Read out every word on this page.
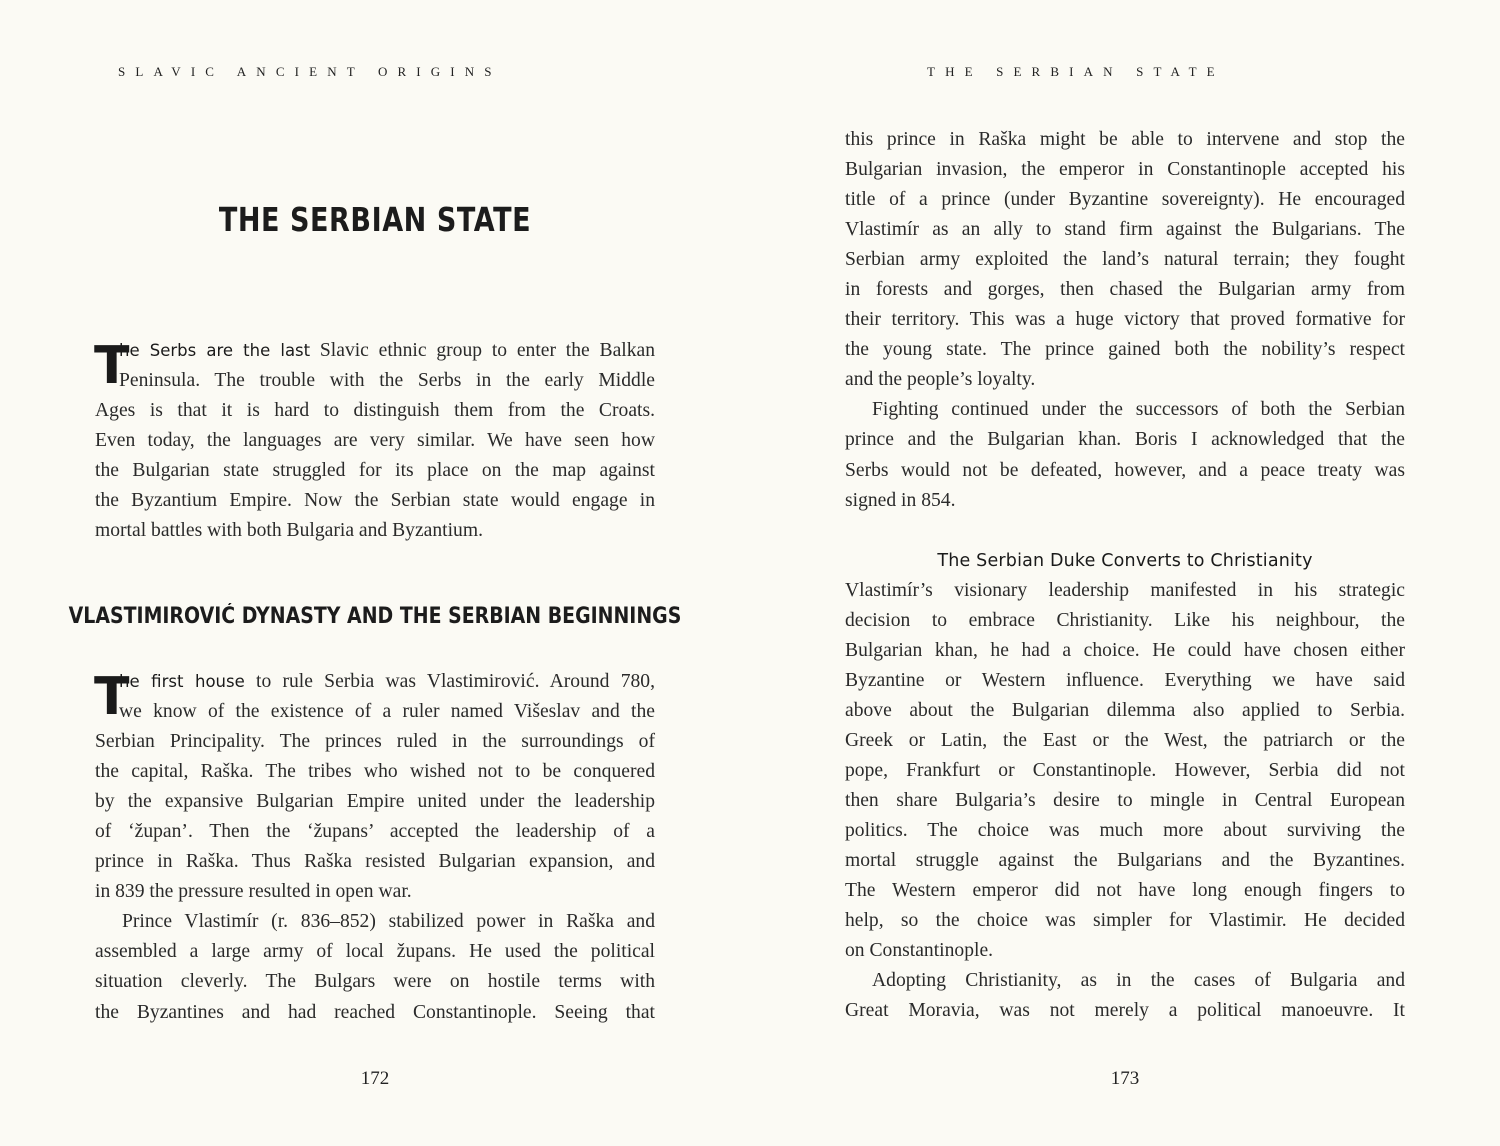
SLAVIC ANCIENT ORIGINS
THE SERBIAN STATE
T
he Serbs are the last Slavic ethnic group to enter the Balkan
Peninsula. The trouble with the Serbs in the early Middle
Ages is that it is hard to distinguish them from the Croats.
Even today, the languages are very similar. We have seen how
the Bulgarian state struggled for its place on the map against
the Byzantium Empire. Now the Serbian state would engage in
mortal battles with both Bulgaria and Byzantium.
VLASTIMIROVIĆ DYNASTY AND THE SERBIAN BEGINNINGS
T
he first house to rule Serbia was Vlastimirović. Around 780,
we know of the existence of a ruler named Višeslav and the
Serbian Principality. The princes ruled in the surroundings of
the capital, Raška. The tribes who wished not to be conquered
by the expansive Bulgarian Empire united under the leadership
of ‘župan’. Then the ‘župans’ accepted the leadership of a
prince in Raška. Thus Raška resisted Bulgarian expansion, and
in 839 the pressure resulted in open war.
Prince Vlastimír (r. 836–852) stabilized power in Raška and
assembled a large army of local župans. He used the political
situation cleverly. The Bulgars were on hostile terms with
the Byzantines and had reached Constantinople. Seeing that
172
THE SERBIAN STATE
this prince in Raška might be able to intervene and stop the
Bulgarian invasion, the emperor in Constantinople accepted his
title of a prince (under Byzantine sovereignty). He encouraged
Vlastimír as an ally to stand firm against the Bulgarians. The
Serbian army exploited the land’s natural terrain; they fought
in forests and gorges, then chased the Bulgarian army from
their territory. This was a huge victory that proved formative for
the young state. The prince gained both the nobility’s respect
and the people’s loyalty.
Fighting continued under the successors of both the Serbian
prince and the Bulgarian khan. Boris I acknowledged that the
Serbs would not be defeated, however, and a peace treaty was
signed in 854.
The Serbian Duke Converts to Christianity
Vlastimír’s visionary leadership manifested in his strategic
decision to embrace Christianity. Like his neighbour, the
Bulgarian khan, he had a choice. He could have chosen either
Byzantine or Western influence. Everything we have said
above about the Bulgarian dilemma also applied to Serbia.
Greek or Latin, the East or the West, the patriarch or the
pope, Frankfurt or Constantinople. However, Serbia did not
then share Bulgaria’s desire to mingle in Central European
politics. The choice was much more about surviving the
mortal struggle against the Bulgarians and the Byzantines.
The Western emperor did not have long enough fingers to
help, so the choice was simpler for Vlastimir. He decided
on Constantinople.
Adopting Christianity, as in the cases of Bulgaria and
Great Moravia, was not merely a political manoeuvre. It
173
